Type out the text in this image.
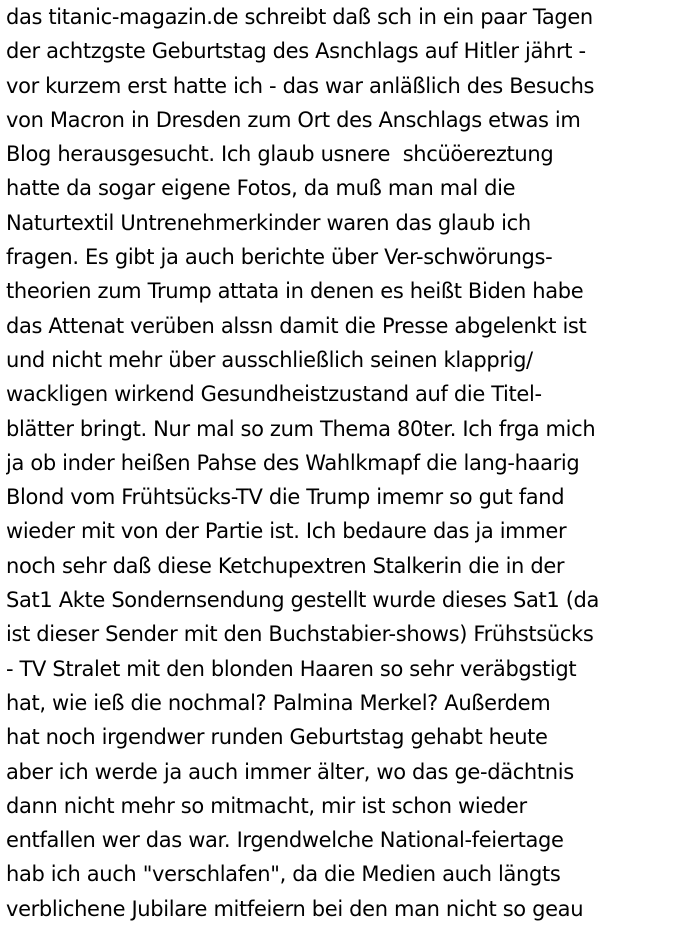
das titanic-magazin.de schreibt daß sch in ein paar Tagen
der achtzgste Geburtstag des Asnchlags auf Hitler jährt -
vor kurzem erst hatte ich - das war anläßlich des Besuchs
von Macron in Dresden zum Ort des Anschlags etwas im
Blog herausgesucht. Ich glaub usnere  shcüöereztung
hatte da sogar eigene Fotos, da muß man mal die
Naturtextil Untrenehmerkinder waren das glaub ich
fragen. Es gibt ja auch berichte über Ver-schwörungs-
theorien zum Trump attata in denen es heißt Biden habe
das Attenat verüben alssn damit die Presse abgelenkt ist
und nicht mehr über ausschließlich seinen klapprig/
wackligen wirkend Gesundheistzustand auf die Titel-
blätter bringt. Nur mal so zum Thema 80ter. Ich frga mich
ja ob inder heißen Pahse des Wahlkmapf die lang-haarig
Blond vom Frühtsücks-TV die Trump imemr so gut fand
wieder mit von der Partie ist. Ich bedaure das ja immer
noch sehr daß diese Ketchupextren Stalkerin die in der
Sat1 Akte Sondernsendung gestellt wurde dieses Sat1 (da
ist dieser Sender mit den Buchstabier-shows) Frühstsücks
- TV Stralet mit den blonden Haaren so sehr veräbgstigt
hat, wie ieß die nochmal? Palmina Merkel? Außerdem
hat noch irgendwer runden Geburtstag gehabt heute
aber ich werde ja auch immer älter, wo das ge-dächtnis
dann nicht mehr so mitmacht, mir ist schon wieder
entfallen wer das war. Irgendwelche National-feiertage
hab ich auch "verschlafen", da die Medien auch längts
verblichene Jubilare mitfeiern bei den man nicht so geau
